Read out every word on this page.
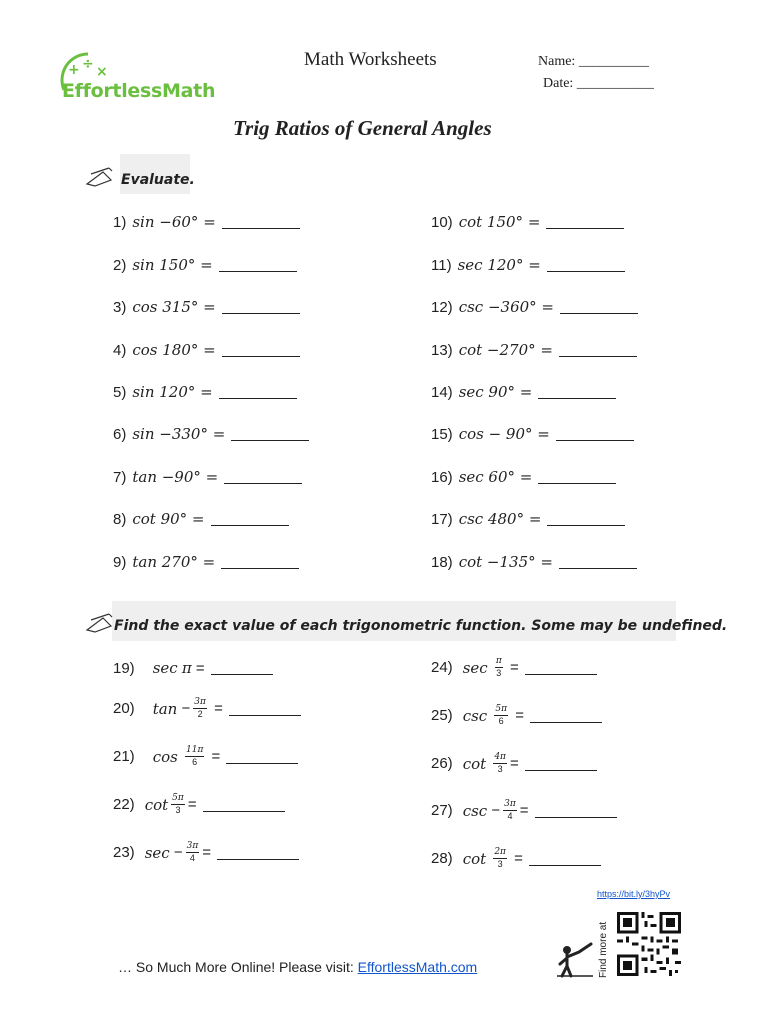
+ ÷ ×
EffortlessMath
Math Worksheets	Name: __________
Date: ___________
Trig Ratios of General Angles
Evaluate.
1) sin −60° =
2) sin 150° =
3) cos 315° =
4) cos 180° =
5) sin 120° =
6) sin −330° =
7) tan −90° =
8) cot 90° =
9) tan 270° =
10) cot 150° =
11) sec 120° =
12) csc −360° =
13) cot −270° =
14) sec 90° =
15) cos − 90° =
16) sec 60° =
17) csc 480° =
18) cot −135° =
Find the exact value of each trigonometric function. Some may be undefined.
19) sec
π
=
20) tan
− $\frac{3\pi}{2}$
=
21) cos
$\frac{11\pi}{6}$
=
22) $\cot \frac{5\pi}{3}$ =
23) sec
− $\frac{3\pi}{4}$ =
24) sec
$\frac{\pi}{3}$
=
25) csc
$\frac{5\pi}{6}$
=
26) cot
$\frac{4\pi}{3}$ =
27) csc
− $\frac{3\pi}{4}$ =
28) cot
$\frac{2\pi}{3}$
=
https://bit.ly/3hyPv
… So Much More Online! Please visit: EffortlessMath.com	Find more at
